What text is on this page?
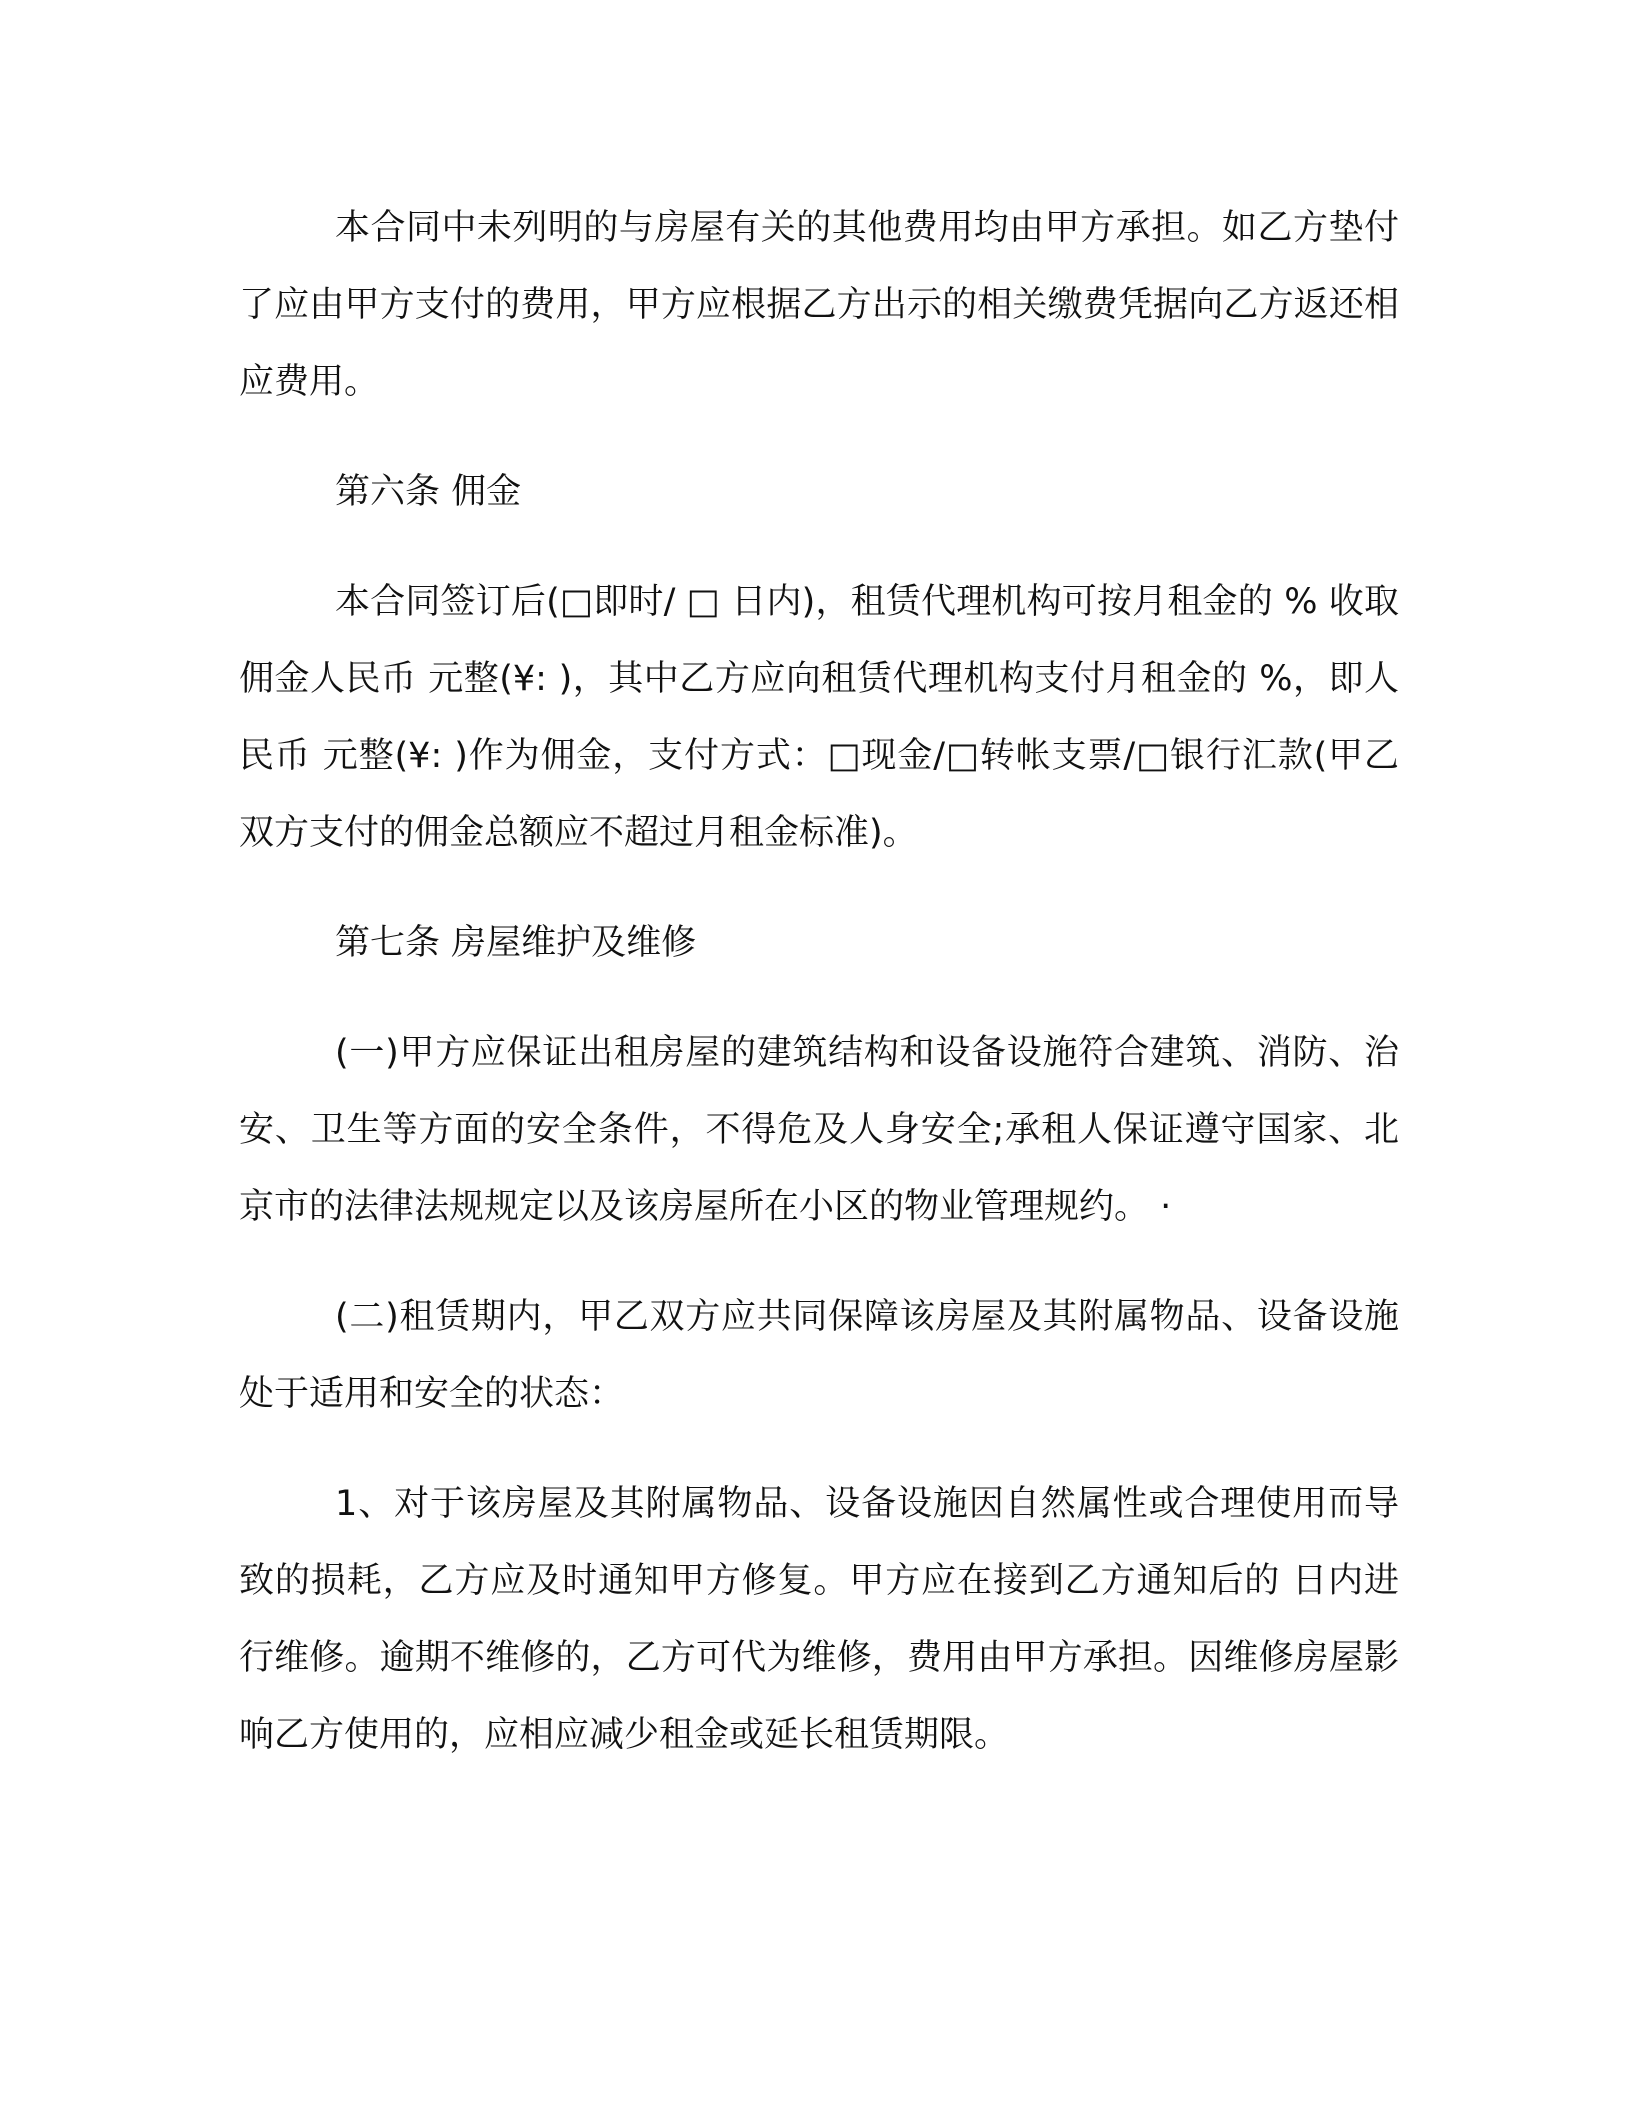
本合同中未列明的与房屋有关的其他费用均由甲方承担。如乙方垫付了应由甲方支付的费用，甲方应根据乙方出示的相关缴费凭据向乙方返还相应费用。

第六条 佣金

本合同签订后(□即时/ □ 日内)，租赁代理机构可按月租金的 % 收取佣金人民币 元整(¥: )，其中乙方应向租赁代理机构支付月租金的 %，即人民币 元整(¥: )作为佣金，支付方式：□现金/□转帐支票/□银行汇款(甲乙双方支付的佣金总额应不超过月租金标准)。

第七条 房屋维护及维修

(一)甲方应保证出租房屋的建筑结构和设备设施符合建筑、消防、治安、卫生等方面的安全条件，不得危及人身安全;承租人保证遵守国家、北京市的法律法规规定以及该房屋所在小区的物业管理规约。 ·

(二)租赁期内，甲乙双方应共同保障该房屋及其附属物品、设备设施处于适用和安全的状态：

1、对于该房屋及其附属物品、设备设施因自然属性或合理使用而导致的损耗，乙方应及时通知甲方修复。甲方应在接到乙方通知后的 日内进行维修。逾期不维修的，乙方可代为维修，费用由甲方承担。因维修房屋影响乙方使用的，应相应减少租金或延长租赁期限。
